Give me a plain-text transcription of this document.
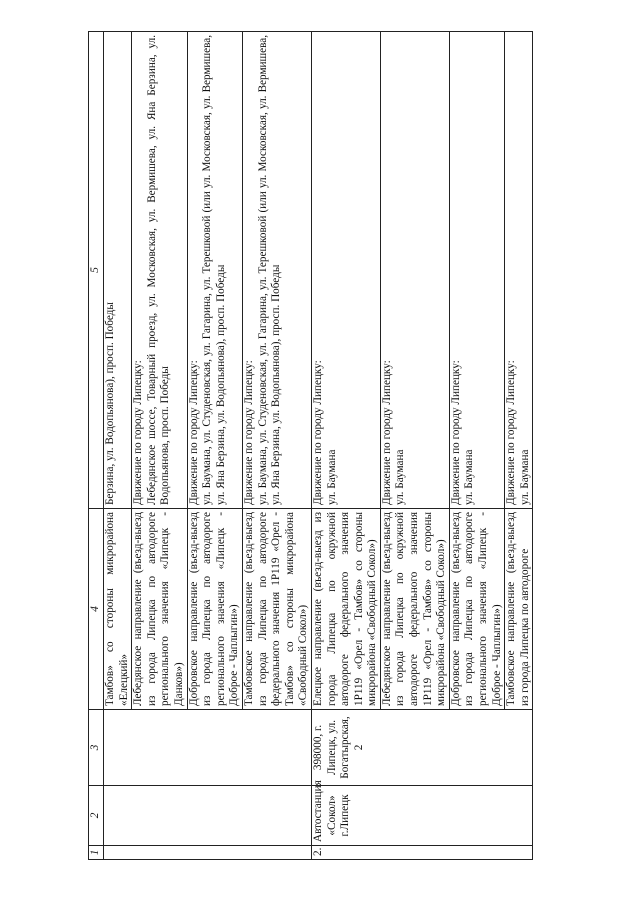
1	2	3	4	5
			Тамбов» со стороны микрорайона «Елецкий»	Берзина, ул. Водопьянова), просп. Победы
			Лебедянское направление (въезд-выезд из города Липецка по автодороге регионального значения «Липецк - Данков»)	Движение по городу Липецку: Лебедянское шоссе, Товарный проезд, ул. Московская, ул. Вермишева, ул. Яна Берзина, ул. Водопьянова, просп. Победы

			Добровское направление (въезд-выезд из города Липецка по автодороге регионального значения «Липецк - Доброе - Чаплыгин»)	Движение по городу Липецку: ул. Баумана, ул. Студеновская, ул. Гагарина, ул. Терешковой (или ул. Московская, ул. Вермишева, ул. Яна Берзина, ул. Водопьянова), просп. Победы

			Тамбовское направление (въезд-выезд из города Липецка по автодороге федерального значения 1Р119 «Орел - Тамбов» со стороны микрорайона «Свободный Сокол»)	Движение по городу Липецку: ул. Баумана, ул. Студеновская, ул. Гагарина, ул. Терешковой (или ул. Московская, ул. Вермишева, ул. Яна Берзина, ул. Водопьянова), просп. Победы

2.	Автостанция «Сокол» г.Липецк	398000, г. Липецк, ул. Богатырская, 2	Елецкое направление (въезд-выезд из города Липецка по окружной автодороге федерального значения 1Р119 «Орел - Тамбов» со стороны микрорайона «Свободный Сокол»)	Движение по городу Липецку: ул. Баумана

			Лебедянское направление (въезд-выезд из города Липецка по окружной автодороге федерального значения 1Р119 «Орел - Тамбов» со стороны микрорайона «Свободный Сокол»)	Движение по городу Липецку: ул. Баумана

			Добровское направление (въезд-выезд из города Липецка по автодороге регионального значения «Липецк - Доброе - Чаплыгин»)	Движение по городу Липецку: ул. Баумана

			Тамбовское направление (въезд-выезд из города Липецка по автодороге	Движение по городу Липецку: ул. Баумана
